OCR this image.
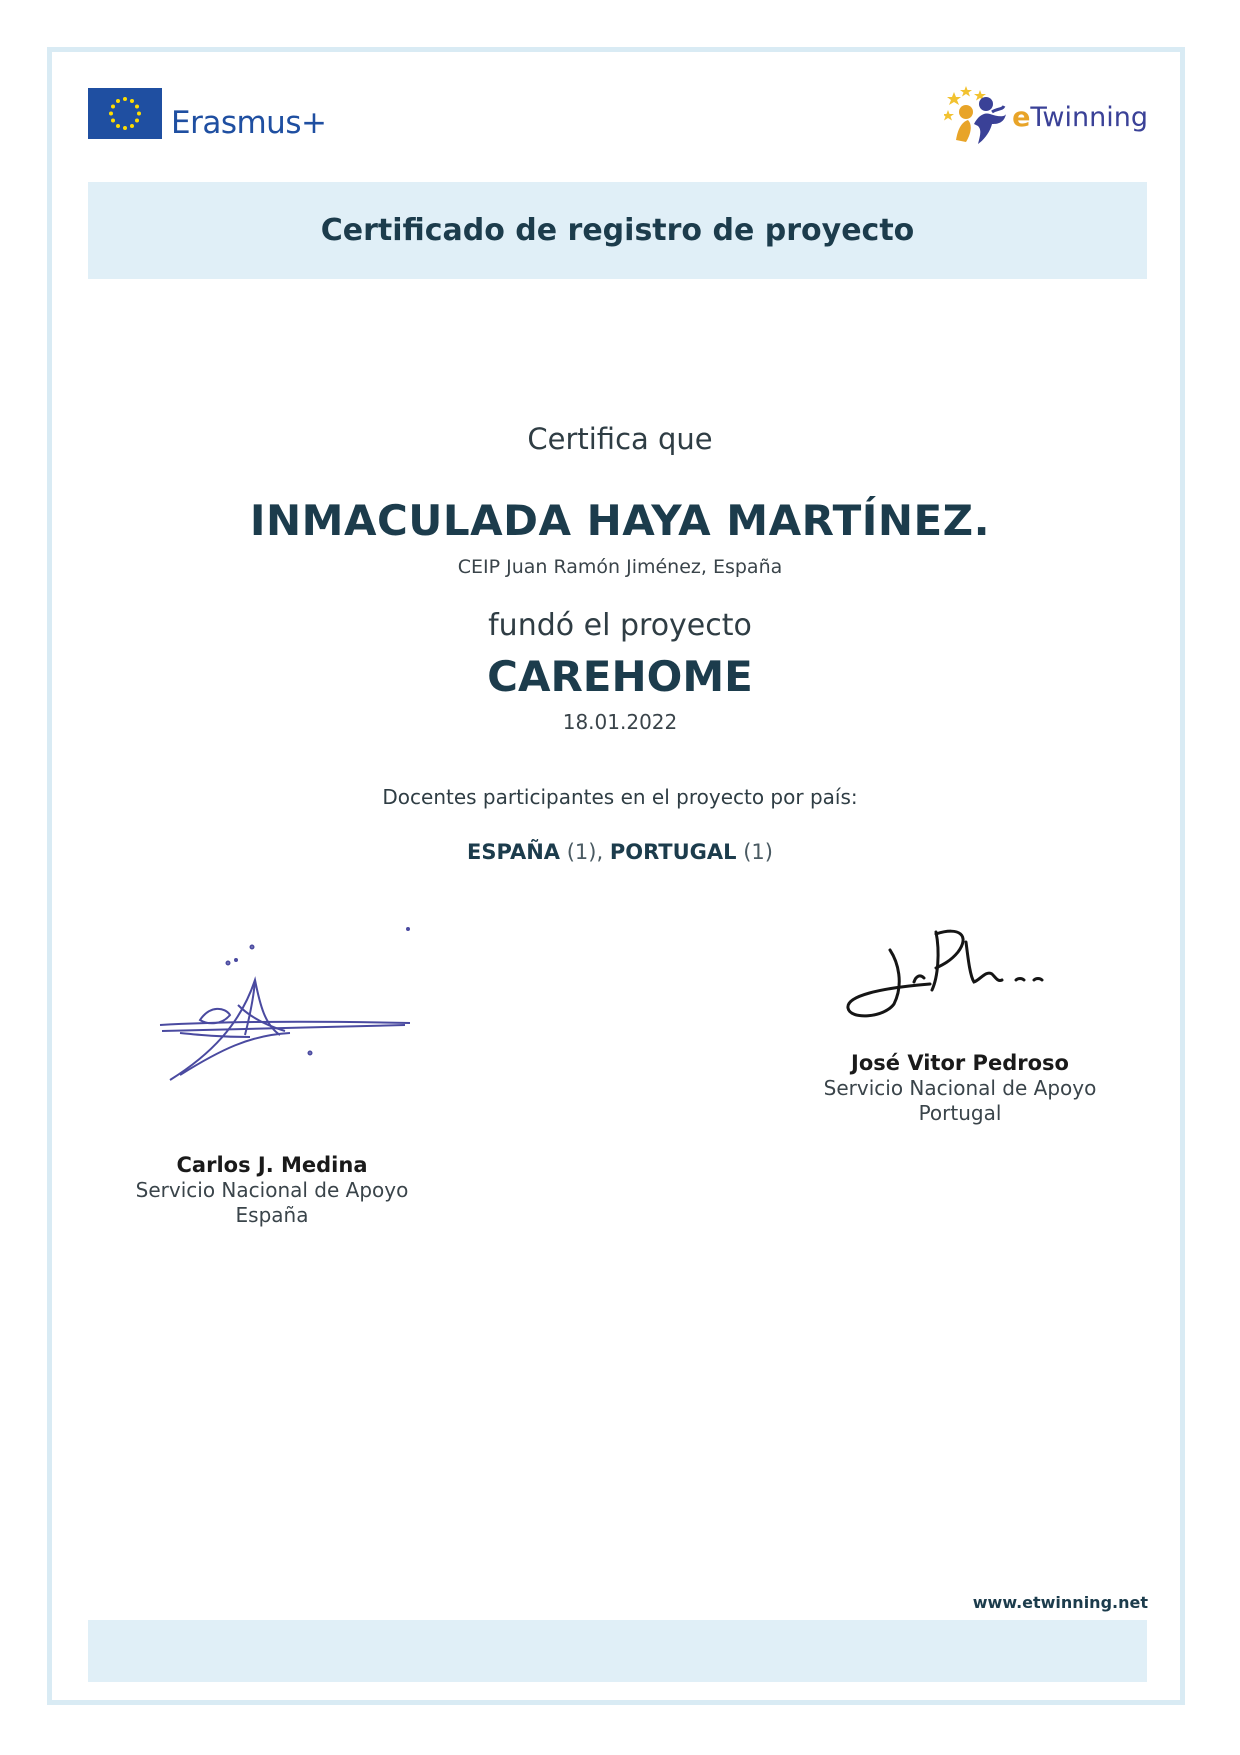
Erasmus+	eTwinning
Certificado de registro de proyecto
Certifica que
INMACULADA HAYA MARTÍNEZ.
CEIP Juan Ramón Jiménez, España
fundó el proyecto
CAREHOME
18.01.2022
Docentes participantes en el proyecto por país:
ESPAÑA (1), PORTUGAL (1)
Carlos J. Medina
Servicio Nacional de Apoyo
España
José Vitor Pedroso
Servicio Nacional de Apoyo
Portugal
www.etwinning.net
